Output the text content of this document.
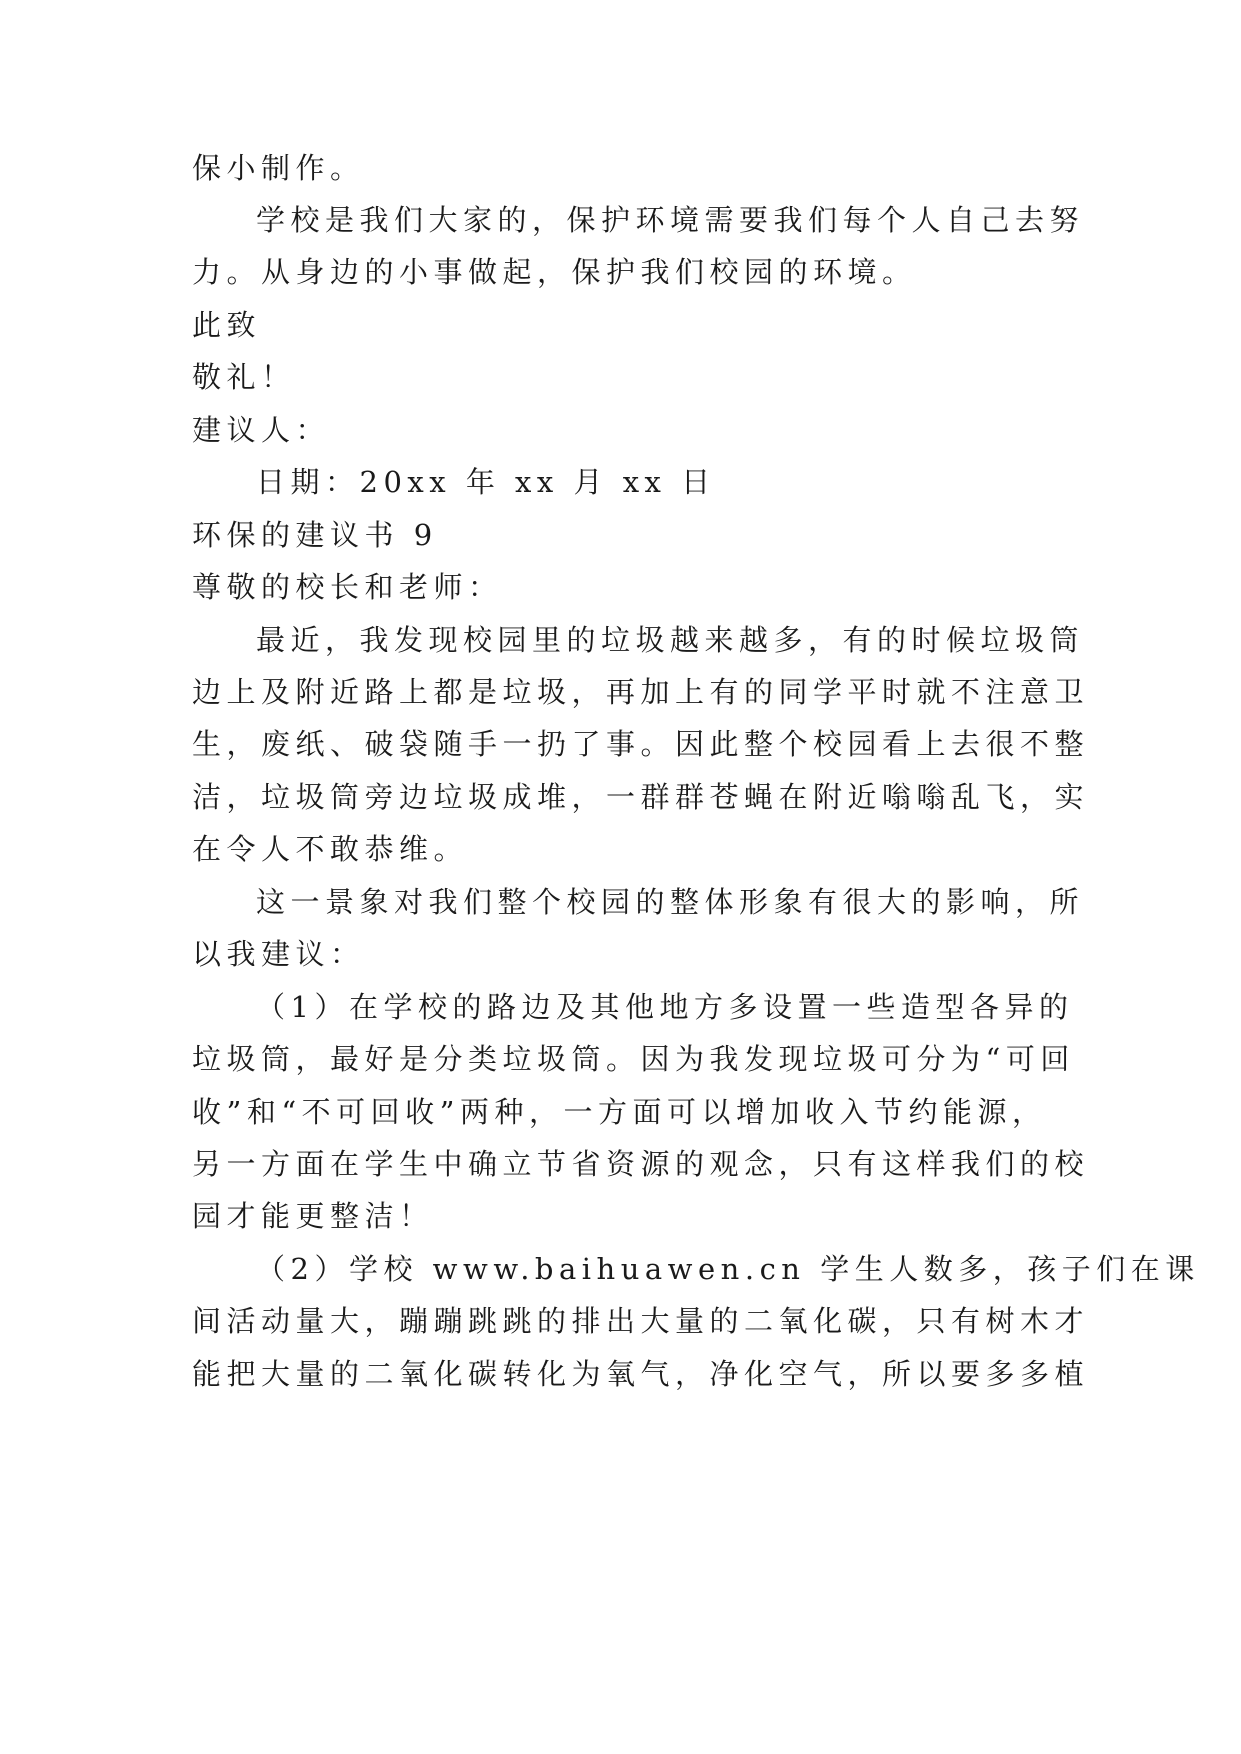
保小制作。
学校是我们大家的，保护环境需要我们每个人自己去努
力。从身边的小事做起，保护我们校园的环境。
此致
敬礼！
建议人：
日期：20xx 年 xx 月 xx 日
环保的建议书 9
尊敬的校长和老师：
最近，我发现校园里的垃圾越来越多，有的时候垃圾筒
边上及附近路上都是垃圾，再加上有的同学平时就不注意卫
生，废纸、破袋随手一扔了事。因此整个校园看上去很不整
洁，垃圾筒旁边垃圾成堆，一群群苍蝇在附近嗡嗡乱飞，实
在令人不敢恭维。
这一景象对我们整个校园的整体形象有很大的影响，所
以我建议：
（1）在学校的路边及其他地方多设置一些造型各异的
垃圾筒，最好是分类垃圾筒。因为我发现垃圾可分为“可回
收”和“不可回收”两种，一方面可以增加收入节约能源，
另一方面在学生中确立节省资源的观念，只有这样我们的校
园才能更整洁！
（2）学校 www.baihuawen.cn 学生人数多，孩子们在课
间活动量大，蹦蹦跳跳的排出大量的二氧化碳，只有树木才
能把大量的二氧化碳转化为氧气，净化空气，所以要多多植
